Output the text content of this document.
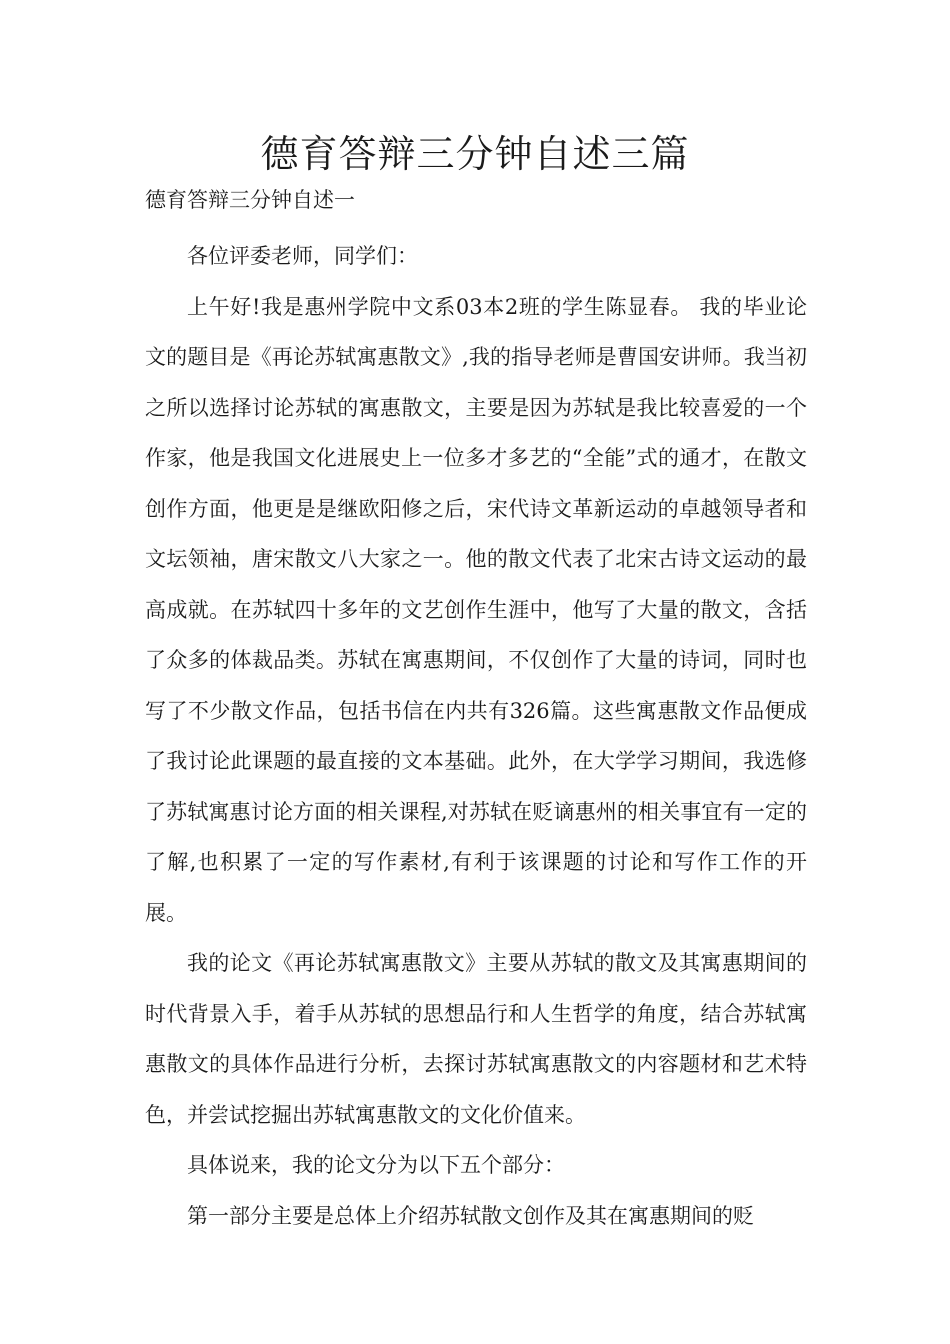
德育答辩三分钟自述三篇
德育答辩三分钟自述一

各位评委老师，同学们：

上午好!我是惠州学院中文系03本2班的学生陈显春。 我的毕业论文的题目是《再论苏轼寓惠散文》,我的指导老师是曹国安讲师。我当初之所以选择讨论苏轼的寓惠散文，主要是因为苏轼是我比较喜爱的一个作家，他是我国文化进展史上一位多才多艺的“全能”式的通才，在散文创作方面，他更是是继欧阳修之后，宋代诗文革新运动的卓越领导者和文坛领袖，唐宋散文八大家之一。他的散文代表了北宋古诗文运动的最高成就。在苏轼四十多年的文艺创作生涯中，他写了大量的散文，含括了众多的体裁品类。苏轼在寓惠期间，不仅创作了大量的诗词，同时也写了不少散文作品，包括书信在内共有326篇。这些寓惠散文作品便成了我讨论此课题的最直接的文本基础。此外，在大学学习期间，我选修了苏轼寓惠讨论方面的相关课程,对苏轼在贬谪惠州的相关事宜有一定的了解,也积累了一定的写作素材,有利于该课题的讨论和写作工作的开展。

我的论文《再论苏轼寓惠散文》主要从苏轼的散文及其寓惠期间的时代背景入手，着手从苏轼的思想品行和人生哲学的角度，结合苏轼寓惠散文的具体作品进行分析，去探讨苏轼寓惠散文的内容题材和艺术特色，并尝试挖掘出苏轼寓惠散文的文化价值来。

具体说来，我的论文分为以下五个部分：

第一部分主要是总体上介绍苏轼散文创作及其在寓惠期间的贬
